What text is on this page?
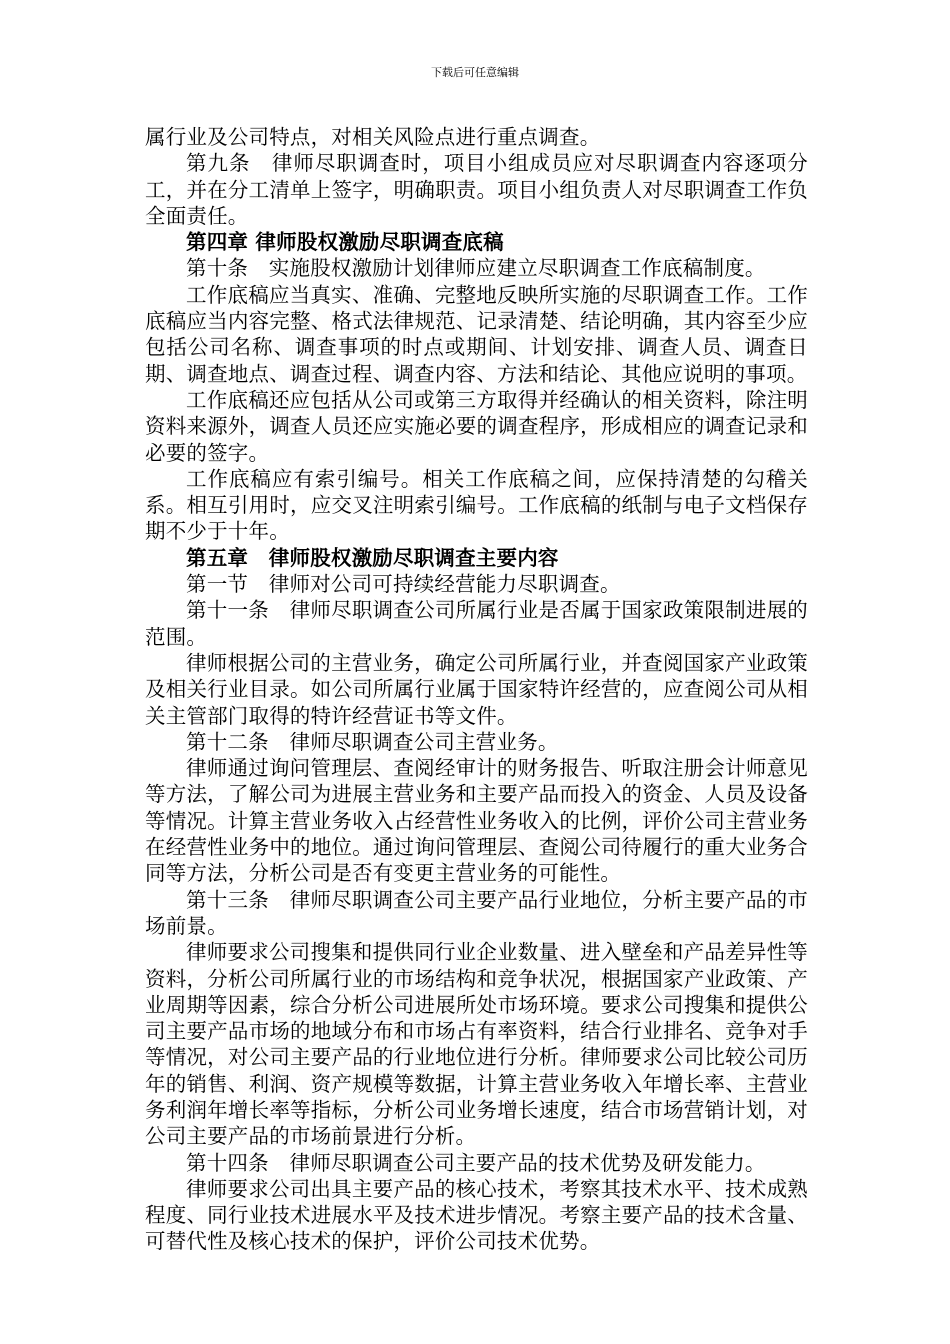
下载后可任意编辑

属行业及公司特点，对相关风险点进行重点调查。

第九条　律师尽职调查时，项目小组成员应对尽职调查内容逐项分工，并在分工清单上签字，明确职责。项目小组负责人对尽职调查工作负全面责任。

第四章 律师股权激励尽职调查底稿

第十条　实施股权激励计划律师应建立尽职调查工作底稿制度。

工作底稿应当真实、准确、完整地反映所实施的尽职调查工作。工作底稿应当内容完整、格式法律规范、记录清楚、结论明确，其内容至少应包括公司名称、调查事项的时点或期间、计划安排、调查人员、调查日期、调查地点、调查过程、调查内容、方法和结论、其他应说明的事项。

工作底稿还应包括从公司或第三方取得并经确认的相关资料，除注明资料来源外，调查人员还应实施必要的调查程序，形成相应的调查记录和必要的签字。

工作底稿应有索引编号。相关工作底稿之间，应保持清楚的勾稽关系。相互引用时，应交叉注明索引编号。工作底稿的纸制与电子文档保存期不少于十年。

第五章　律师股权激励尽职调查主要内容

第一节　律师对公司可持续经营能力尽职调查。

第十一条　律师尽职调查公司所属行业是否属于国家政策限制进展的范围。

律师根据公司的主营业务，确定公司所属行业，并查阅国家产业政策及相关行业目录。如公司所属行业属于国家特许经营的，应查阅公司从相关主管部门取得的特许经营证书等文件。

第十二条　律师尽职调查公司主营业务。

律师通过询问管理层、查阅经审计的财务报告、听取注册会计师意见等方法，了解公司为进展主营业务和主要产品而投入的资金、人员及设备等情况。计算主营业务收入占经营性业务收入的比例，评价公司主营业务在经营性业务中的地位。通过询问管理层、查阅公司待履行的重大业务合同等方法，分析公司是否有变更主营业务的可能性。

第十三条　律师尽职调查公司主要产品行业地位，分析主要产品的市场前景。

律师要求公司搜集和提供同行业企业数量、进入壁垒和产品差异性等资料，分析公司所属行业的市场结构和竞争状况，根据国家产业政策、产业周期等因素，综合分析公司进展所处市场环境。要求公司搜集和提供公司主要产品市场的地域分布和市场占有率资料，结合行业排名、竞争对手等情况，对公司主要产品的行业地位进行分析。律师要求公司比较公司历年的销售、利润、资产规模等数据，计算主营业务收入年增长率、主营业务利润年增长率等指标，分析公司业务增长速度，结合市场营销计划，对公司主要产品的市场前景进行分析。

第十四条　律师尽职调查公司主要产品的技术优势及研发能力。

律师要求公司出具主要产品的核心技术，考察其技术水平、技术成熟程度、同行业技术进展水平及技术进步情况。考察主要产品的技术含量、可替代性及核心技术的保护，评价公司技术优势。
